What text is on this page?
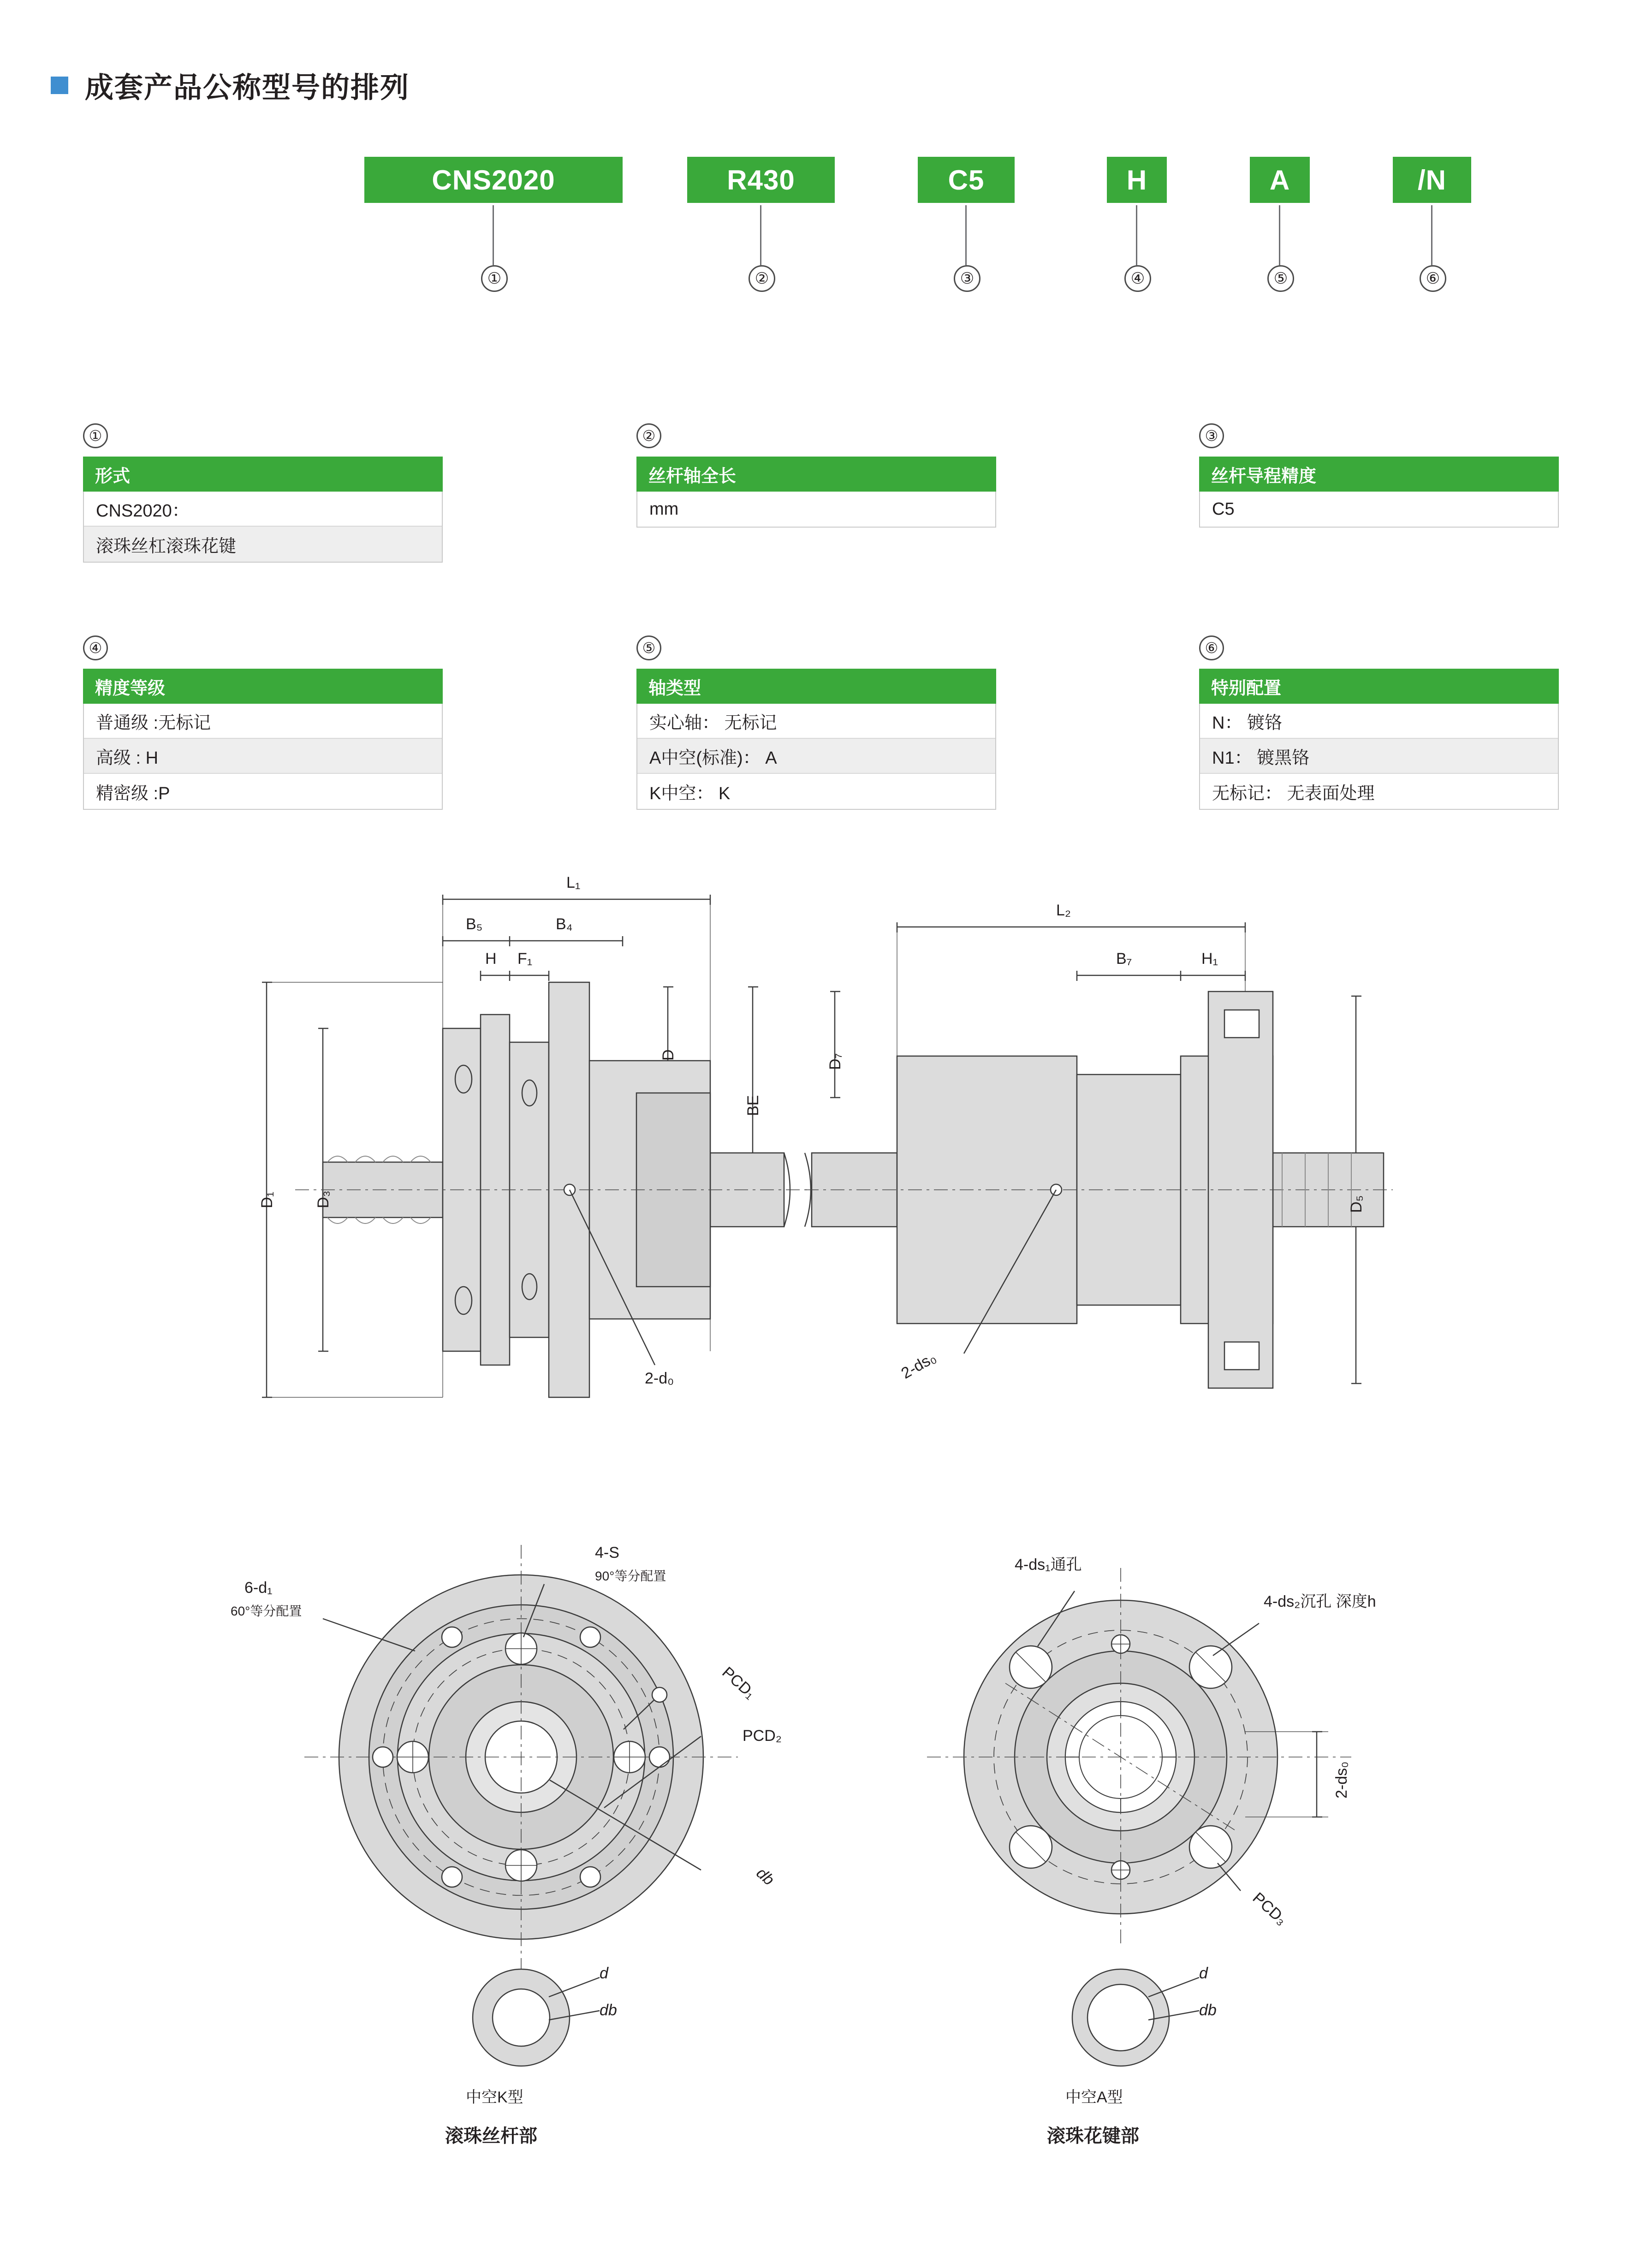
成套产品公称型号的排列
CNS2020	R430	C5	H	A	/N
①	②	③	④	⑤	⑥
①
形式
CNS2020：
滚珠丝杠滚珠花键
②
丝杆轴全长
mm
③
丝杆导程精度
C5
④
精度等级
普通级 :无标记
高级 : H
精密级 :P
⑤
轴类型
实心轴： 无标记
A中空(标准)： A
K中空： K
⑥
特别配置
N： 镀铬
N1： 镀黑铬
无标记： 无表面处理
L₁
B₅	B₄
H F₁
D
BE
D₁ D₃
2-d₀
L₂
B₇	H₁
D₇
D₅
2-ds₀
4-S
90°等分配置
6-d₁
60°等分配置
PCD₁
PCD₂
db
4-ds₁通孔
4-ds₂沉孔 深度h
2-ds₀
PCD₃
滚珠丝杆部	滚珠花键部
d
db
中空K型
d
db
中空A型
